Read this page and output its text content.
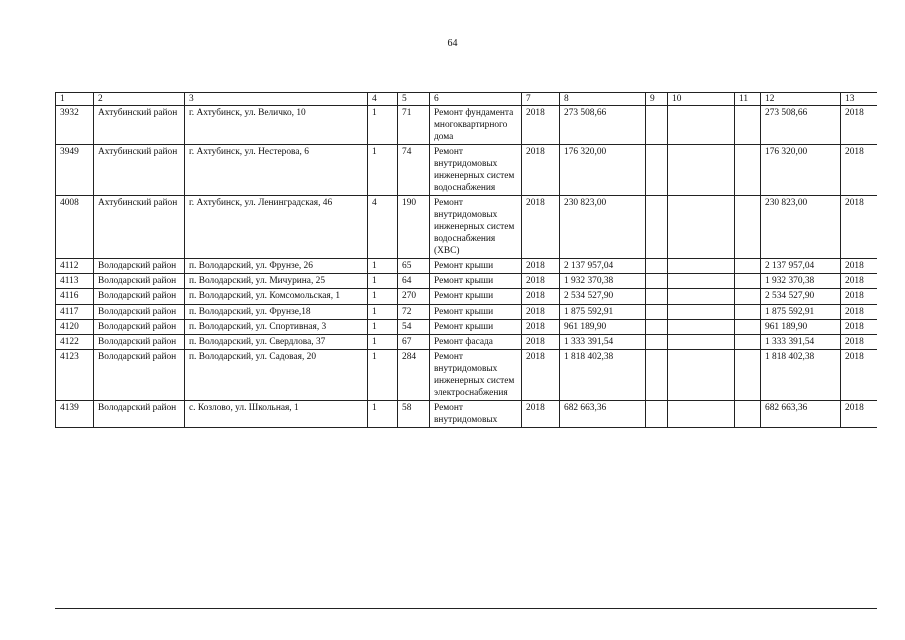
64
1	2	3	4	5	6	7	8	9	10	11	12	13
3932	Ахтубинский район	г. Ахтубинск, ул. Величко, 10	1	71	Ремонт фундамента многоквартирного дома	2018	273 508,66				273 508,66	2018
3949	Ахтубинский район	г. Ахтубинск, ул. Нестерова, 6	1	74	Ремонт внутридомовых инженерных систем водоснабжения	2018	176 320,00				176 320,00	2018
4008	Ахтубинский район	г. Ахтубинск, ул. Ленинградская, 46	4	190	Ремонт внутридомовых инженерных систем водоснабжения (ХВС)	2018	230 823,00				230 823,00	2018
4112	Володарский район	п. Володарский, ул. Фрунзе, 26	1	65	Ремонт крыши	2018	2 137 957,04				2 137 957,04	2018
4113	Володарский район	п. Володарский, ул. Мичурина, 25	1	64	Ремонт крыши	2018	1 932 370,38				1 932 370,38	2018
4116	Володарский район	п. Володарский, ул. Комсомольская, 1	1	270	Ремонт крыши	2018	2 534 527,90				2 534 527,90	2018
4117	Володарский район	п. Володарский, ул. Фрунзе,18	1	72	Ремонт крыши	2018	1 875 592,91				1 875 592,91	2018
4120	Володарский район	п. Володарский, ул. Спортивная, 3	1	54	Ремонт крыши	2018	961 189,90				961 189,90	2018
4122	Володарский район	п. Володарский, ул. Свердлова, 37	1	67	Ремонт фасада	2018	1 333 391,54				1 333 391,54	2018
4123	Володарский район	п. Володарский, ул. Садовая, 20	1	284	Ремонт внутридомовых инженерных систем электроснабжения	2018	1 818 402,38				1 818 402,38	2018
4139	Володарский район	с. Козлово, ул. Школьная, 1	1	58	Ремонт внутридомовых	2018	682 663,36				682 663,36	2018
